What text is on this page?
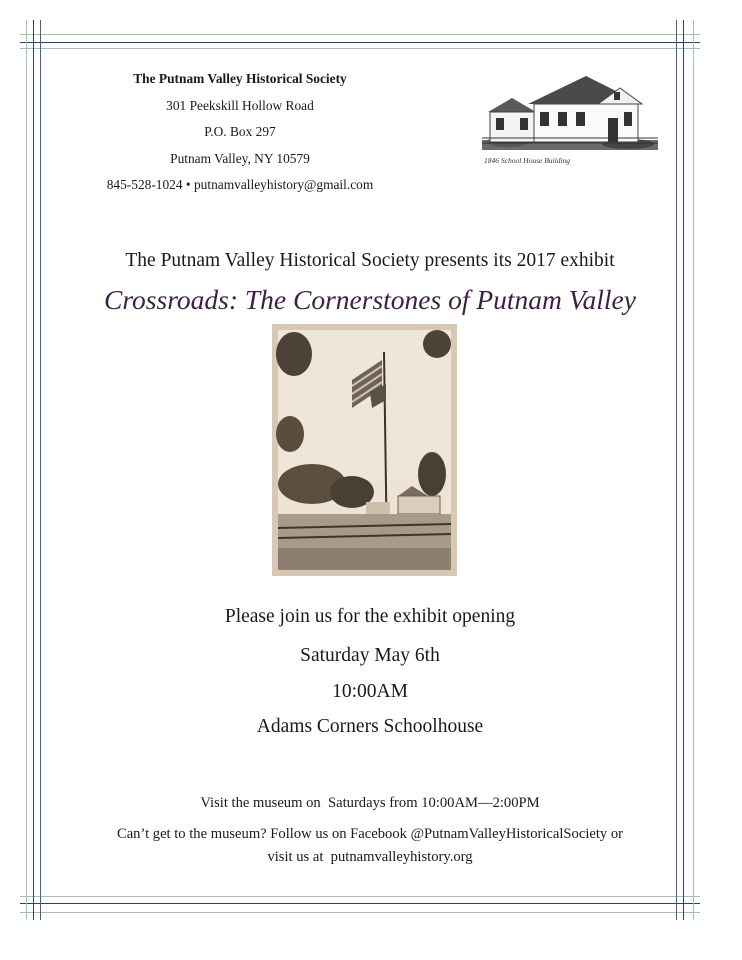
The Putnam Valley Historical Society
301 Peekskill Hollow Road
P.O. Box 297
Putnam Valley, NY 10579
845-528-1024 • putnamvalleyhistory@gmail.com
1846 School House Building
The Putnam Valley Historical Society presents its 2017 exhibit
Crossroads: The Cornerstones of Putnam Valley
Please join us for the exhibit opening
Saturday May 6th
10:00AM
Adams Corners Schoolhouse
Visit the museum on  Saturdays from 10:00AM—2:00PM
Can’t get to the museum? Follow us on Facebook @PutnamValleyHistoricalSociety or
visit us at  putnamvalleyhistory.org
